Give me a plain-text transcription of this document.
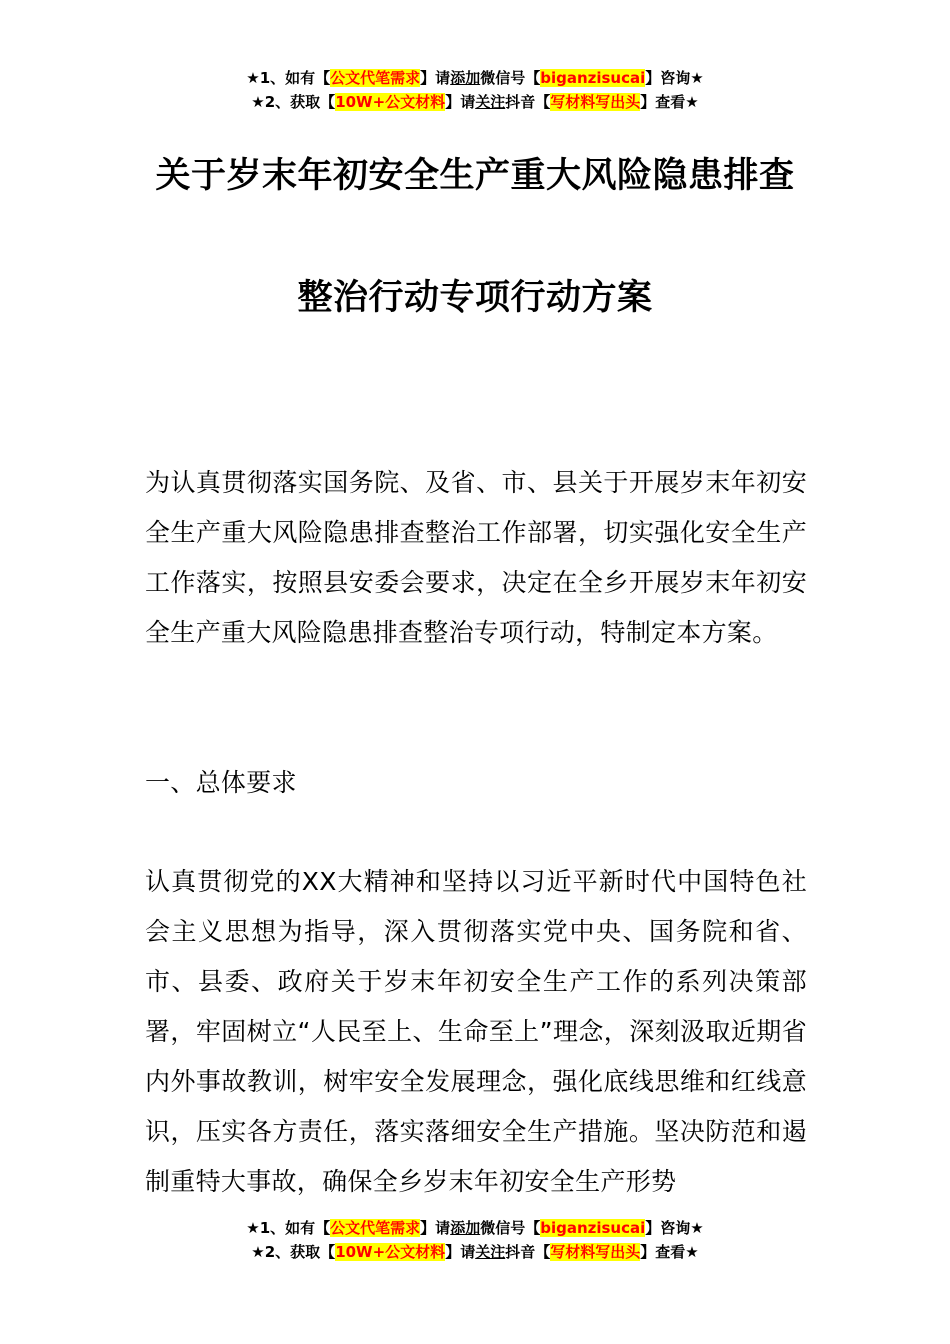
★1、如有【公文代笔需求】请添加微信号【biganzisucai】咨询★
★2、获取【10W+公文材料】请关注抖音【写材料写出头】查看★
关于岁末年初安全生产重大风险隐患排查
整治行动专项行动方案
为认真贯彻落实国务院、及省、市、县关于开展岁末年初安全生产重大风险隐患排查整治工作部署，切实强化安全生产工作落实，按照县安委会要求，决定在全乡开展岁末年初安全生产重大风险隐患排查整治专项行动，特制定本方案。
一、总体要求
认真贯彻党的XX大精神和坚持以习近平新时代中国特色社会主义思想为指导，深入贯彻落实党中央、国务院和省、市、县委、政府关于岁末年初安全生产工作的系列决策部署，牢固树立“人民至上、生命至上”理念，深刻汲取近期省内外事故教训，树牢安全发展理念，强化底线思维和红线意识，压实各方责任，落实落细安全生产措施。坚决防范和遏制重特大事故，确保全乡岁末年初安全生产形势
★1、如有【公文代笔需求】请添加微信号【biganzisucai】咨询★
★2、获取【10W+公文材料】请关注抖音【写材料写出头】查看★
